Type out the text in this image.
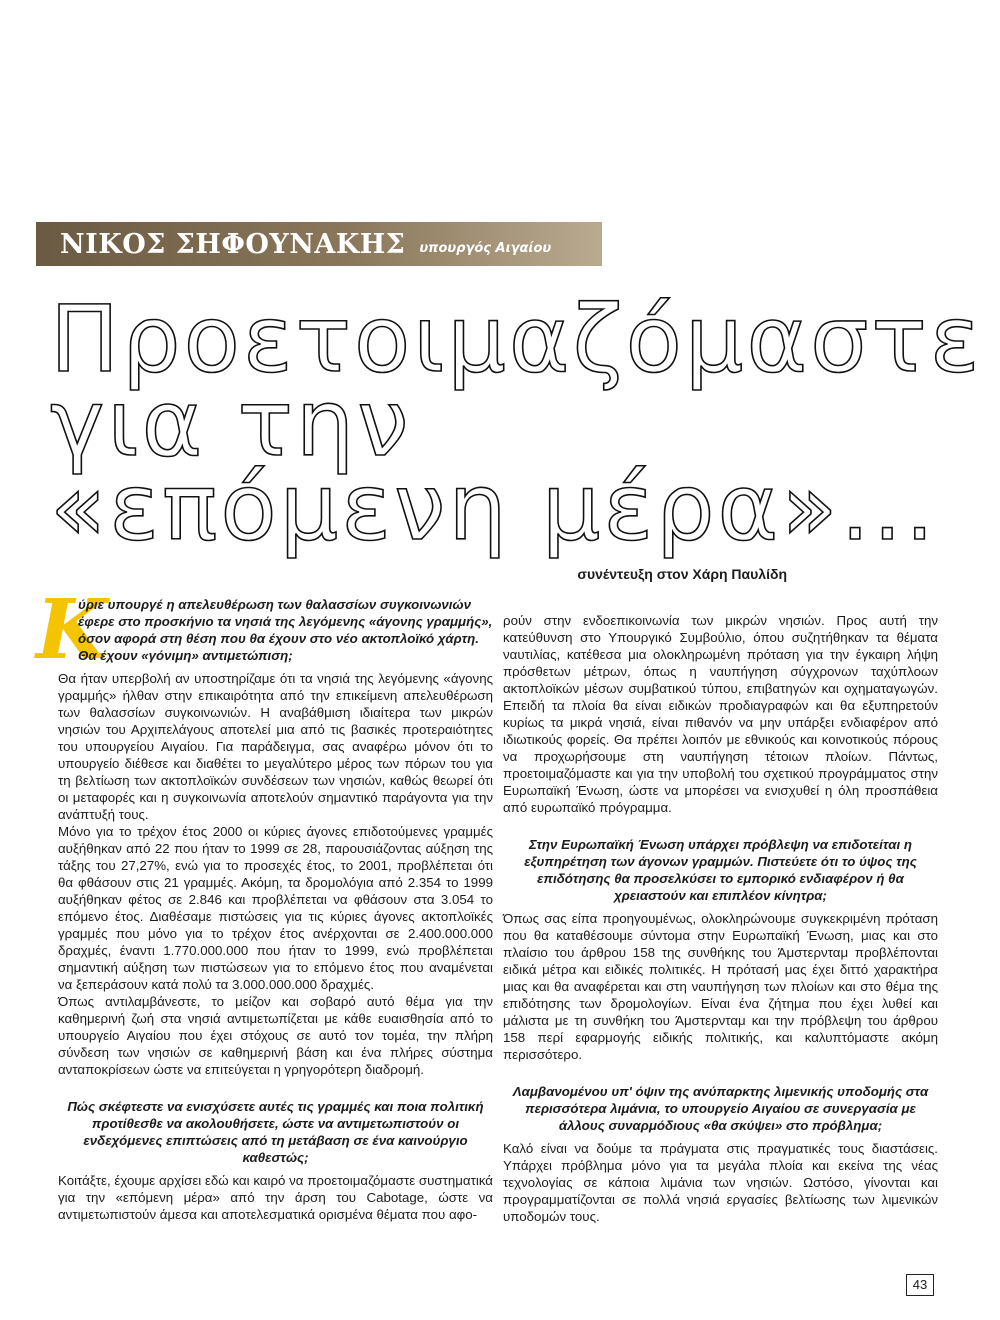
ΝΙΚΟΣ ΣΗΦΟΥΝΑΚΗΣ υπουργός Αιγαίου
Προετοιμαζόμαστε
για την
«επόμενη μέρα»...
συνέντευξη στον Χάρη Παυλίδη
Κ

ύριε υπουργέ η απελευθέρωση των θαλασσίων συγκοινωνιών έφερε στο προσκήνιο τα νησιά της λεγόμενης «άγονης γραμμής», όσον αφορά στη θέση που θα έχουν στο νέο ακτοπλοϊκό χάρτη. Θα έχουν «γόνιμη» αντιμετώπιση;

Θα ήταν υπερβολή αν υποστηρίζαμε ότι τα νησιά της λεγόμενης «άγονης γραμμής» ήλθαν στην επικαιρότητα από την επικείμενη απελευθέρωση των θαλασσίων συγκοινωνιών. Η αναβάθμιση ιδιαίτερα των μικρών νησιών του Αρχιπελάγους αποτελεί μια από τις βασικές προτεραιότητες του υπουργείου Αιγαίου. Για παράδειγμα, σας αναφέρω μόνον ότι το υπουργείο διέθεσε και διαθέτει το μεγαλύτερο μέρος των πόρων του για τη βελτίωση των ακτοπλοϊκών συνδέσεων των νησιών, καθώς θεωρεί ότι οι μεταφορές και η συγκοινωνία αποτελούν σημαντικό παράγοντα για την ανάπτυξή τους.

Μόνο για το τρέχον έτος 2000 οι κύριες άγονες επιδοτούμενες γραμμές αυξήθηκαν από 22 που ήταν το 1999 σε 28, παρουσιάζοντας αύξηση της τάξης του 27,27%, ενώ για το προσεχές έτος, το 2001, προβλέπεται ότι θα φθάσουν στις 21 γραμμές. Ακόμη, τα δρομολόγια από 2.354 το 1999 αυξήθηκαν φέτος σε 2.846 και προβλέπεται να φθάσουν στα 3.054 το επόμενο έτος. Διαθέσαμε πιστώσεις για τις κύριες άγονες ακτοπλοϊκές γραμμές που μόνο για το τρέχον έτος ανέρχονται σε 2.400.000.000 δραχμές, έναντι 1.770.000.000 που ήταν το 1999, ενώ προβλέπεται σημαντική αύξηση των πιστώσεων για το επόμενο έτος που αναμένεται να ξεπεράσουν κατά πολύ τα 3.000.000.000 δραχμές.

Όπως αντιλαμβάνεστε, το μείζον και σοβαρό αυτό θέμα για την καθημερινή ζωή στα νησιά αντιμετωπίζεται με κάθε ευαισθησία από το υπουργείο Αιγαίου που έχει στόχους σε αυτό τον τομέα, την πλήρη σύνδεση των νησιών σε καθημερινή βάση και ένα πλήρες σύστημα ανταποκρίσεων ώστε να επιτεύγεται η γρηγορότερη διαδρομή.

Πώς σκέφτεστε να ενισχύσετε αυτές τις γραμμές και ποια πολιτική προτίθεσθε να ακολουθήσετε, ώστε να αντιμετωπιστούν οι ενδεχόμενες επιπτώσεις από τη μετάβαση σε ένα καινούργιο καθεστώς;

Κοιτάξτε, έχουμε αρχίσει εδώ και καιρό να προετοιμαζόμαστε συστηματικά για την «επόμενη μέρα» από την άρση του Cabotage, ώστε να αντιμετωπιστούν άμεσα και αποτελεσματικά ορισμένα θέματα που αφο-

ρούν στην ενδοεπικοινωνία των μικρών νησιών. Προς αυτή την κατεύθυνση στο Υπουργικό Συμβούλιο, όπου συζητήθηκαν τα θέματα ναυτιλίας, κατέθεσα μια ολοκληρωμένη πρόταση για την έγκαιρη λήψη πρόσθετων μέτρων, όπως η ναυπήγηση σύγχρονων ταχύπλοων ακτοπλοϊκών μέσων συμβατικού τύπου, επιβατηγών και οχηματαγωγών. Επειδή τα πλοία θα είναι ειδικών προδιαγραφών και θα εξυπηρετούν κυρίως τα μικρά νησιά, είναι πιθανόν να μην υπάρξει ενδιαφέρον από ιδιωτικούς φορείς. Θα πρέπει λοιπόν με εθνικούς και κοινοτικούς πόρους να προχωρήσουμε στη ναυπήγηση τέτοιων πλοίων. Πάντως, προετοιμαζόμαστε και για την υποβολή του σχετικού προγράμματος στην Ευρωπαϊκή Ένωση, ώστε να μπορέσει να ενισχυθεί η όλη προσπάθεια από ευρωπαϊκό πρόγραμμα.

Στην Ευρωπαϊκή Ένωση υπάρχει πρόβλεψη να επιδοτείται η εξυπηρέτηση των άγονων γραμμών. Πιστεύετε ότι το ύψος της επιδότησης θα προσελκύσει το εμπορικό ενδιαφέρον ή θα χρειαστούν και επιπλέον κίνητρα;

Όπως σας είπα προηγουμένως, ολοκληρώνουμε συγκεκριμένη πρόταση που θα καταθέσουμε σύντομα στην Ευρωπαϊκή Ένωση, μιας και στο πλαίσιο του άρθρου 158 της συνθήκης του Άμστερνταμ προβλέπονται ειδικά μέτρα και ειδικές πολιτικές. Η πρότασή μας έχει διττό χαρακτήρα μιας και θα αναφέρεται και στη ναυπήγηση των πλοίων και στο θέμα της επιδότησης των δρομολογίων. Είναι ένα ζήτημα που έχει λυθεί και μάλιστα με τη συνθήκη του Άμστερνταμ και την πρόβλεψη του άρθρου 158 περί εφαρμογής ειδικής πολιτικής, και καλυπτόμαστε ακόμη περισσότερο.

Λαμβανομένου υπ' όψιν της ανύπαρκτης λιμενικής υποδομής στα περισσότερα λιμάνια, το υπουργείο Αιγαίου σε συνεργασία με άλλους συναρμόδιους «θα σκύψει» στο πρόβλημα;

Καλό είναι να δούμε τα πράγματα στις πραγματικές τους διαστάσεις. Υπάρχει πρόβλημα μόνο για τα μεγάλα πλοία και εκείνα της νέας τεχνολογίας σε κάποια λιμάνια των νησιών. Ωστόσο, γίνονται και προγραμματίζονται σε πολλά νησιά εργασίες βελτίωσης των λιμενικών υποδομών τους.

43
